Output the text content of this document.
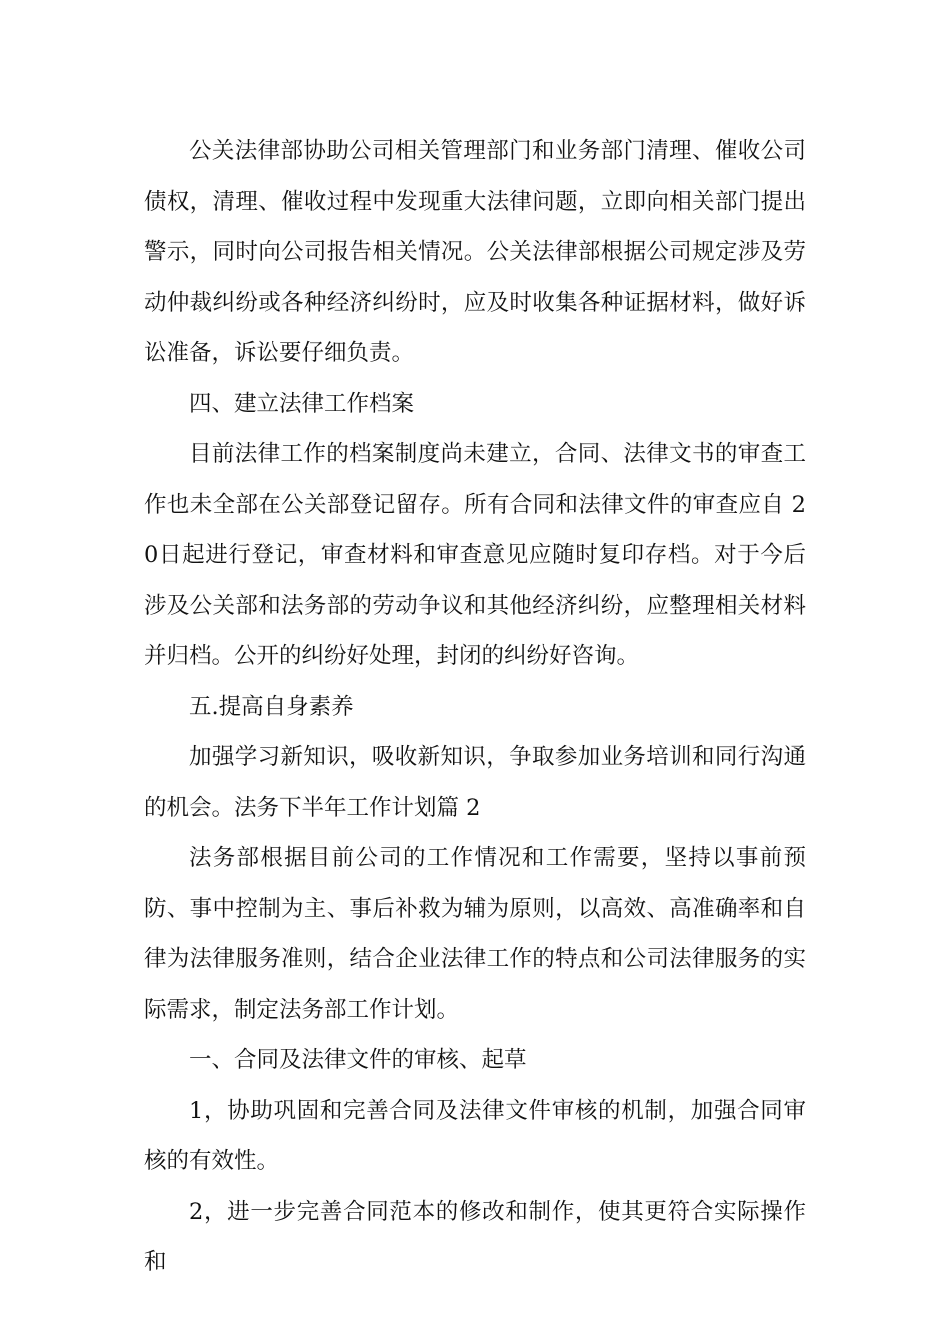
公关法律部协助公司相关管理部门和业务部门清理、催收公司债权，清理、催收过程中发现重大法律问题，立即向相关部门提出警示，同时向公司报告相关情况。公关法律部根据公司规定涉及劳动仲裁纠纷或各种经济纠纷时，应及时收集各种证据材料，做好诉讼准备，诉讼要仔细负责。

四、建立法律工作档案

目前法律工作的档案制度尚未建立，合同、法律文书的审查工作也未全部在公关部登记留存。所有合同和法律文件的审查应自 20日起进行登记，审查材料和审查意见应随时复印存档。对于今后涉及公关部和法务部的劳动争议和其他经济纠纷，应整理相关材料并归档。公开的纠纷好处理，封闭的纠纷好咨询。

五.提高自身素养

加强学习新知识，吸收新知识，争取参加业务培训和同行沟通的机会。法务下半年工作计划篇 2

法务部根据目前公司的工作情况和工作需要，坚持以事前预防、事中控制为主、事后补救为辅为原则，以高效、高准确率和自律为法律服务准则，结合企业法律工作的特点和公司法律服务的实际需求，制定法务部工作计划。

一、合同及法律文件的审核、起草

1，协助巩固和完善合同及法律文件审核的机制，加强合同审核的有效性。

2，进一步完善合同范本的修改和制作，使其更符合实际操作和
